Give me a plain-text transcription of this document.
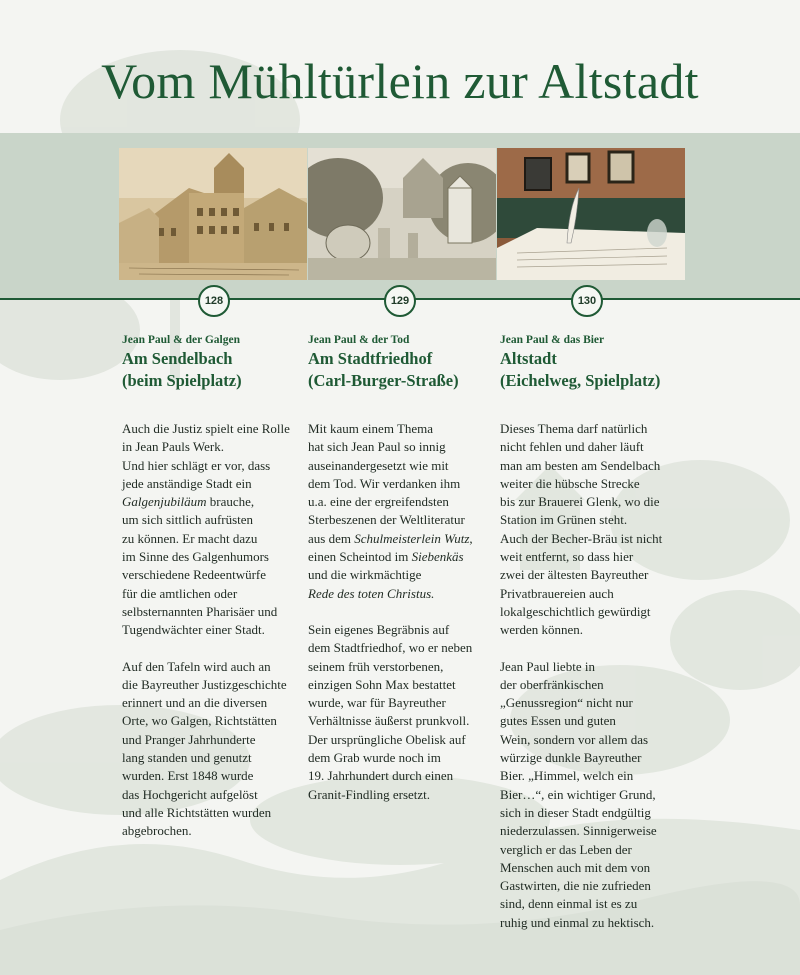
Vom Mühltürlein zur Altstadt
128	129	130

Jean Paul & der Galgen

Am Sendelbach
(beim Spielplatz)

Auch die Justiz spielt eine Rolle
in Jean Pauls Werk.
Und hier schlägt er vor, dass
jede anständige Stadt ein
Galgenjubiläum brauche,
um sich sittlich aufrüsten
zu können. Er macht dazu
im Sinne des Galgenhumors
verschiedene Redeentwürfe
für die amtlichen oder
selbsternannten Pharisäer und
Tugendwächter einer Stadt.

Auf den Tafeln wird auch an
die Bayreuther Justizgeschichte
erinnert und an die diversen
Orte, wo Galgen, Richtstätten
und Pranger Jahrhunderte
lang standen und genutzt
wurden. Erst 1848 wurde
das Hochgericht aufgelöst
und alle Richtstätten wurden
abgebrochen.

Jean Paul & der Tod

Am Stadtfriedhof
(Carl-Burger-Straße)

Mit kaum einem Thema
hat sich Jean Paul so innig
auseinandergesetzt wie mit
dem Tod. Wir verdanken ihm
u.a. eine der ergreifendsten
Sterbeszenen der Weltliteratur
aus dem Schulmeisterlein Wutz,
einen Scheintod im Siebenkäs
und die wirkmächtige
Rede des toten Christus.

Sein eigenes Begräbnis auf
dem Stadtfriedhof, wo er neben
seinem früh verstorbenen,
einzigen Sohn Max bestattet
wurde, war für Bayreuther
Verhältnisse äußerst prunkvoll.
Der ursprüngliche Obelisk auf
dem Grab wurde noch im
19. Jahrhundert durch einen
Granit-Findling ersetzt.

Jean Paul & das Bier

Altstadt
(Eichelweg, Spielplatz)

Dieses Thema darf natürlich
nicht fehlen und daher läuft
man am besten am Sendelbach
weiter die hübsche Strecke
bis zur Brauerei Glenk, wo die
Station im Grünen steht.
Auch der Becher-Bräu ist nicht
weit entfernt, so dass hier
zwei der ältesten Bayreuther
Privatbrauereien auch
lokalgeschichtlich gewürdigt
werden können.

Jean Paul liebte in
der oberfränkischen
„Genussregion“ nicht nur
gutes Essen und guten
Wein, sondern vor allem das
würzige dunkle Bayreuther
Bier. „Himmel, welch ein
Bier…“, ein wichtiger Grund,
sich in dieser Stadt endgültig
niederzulassen. Sinnigerweise
verglich er das Leben der
Menschen auch mit dem von
Gastwirten, die nie zufrieden
sind, denn einmal ist es zu
ruhig und einmal zu hektisch.
